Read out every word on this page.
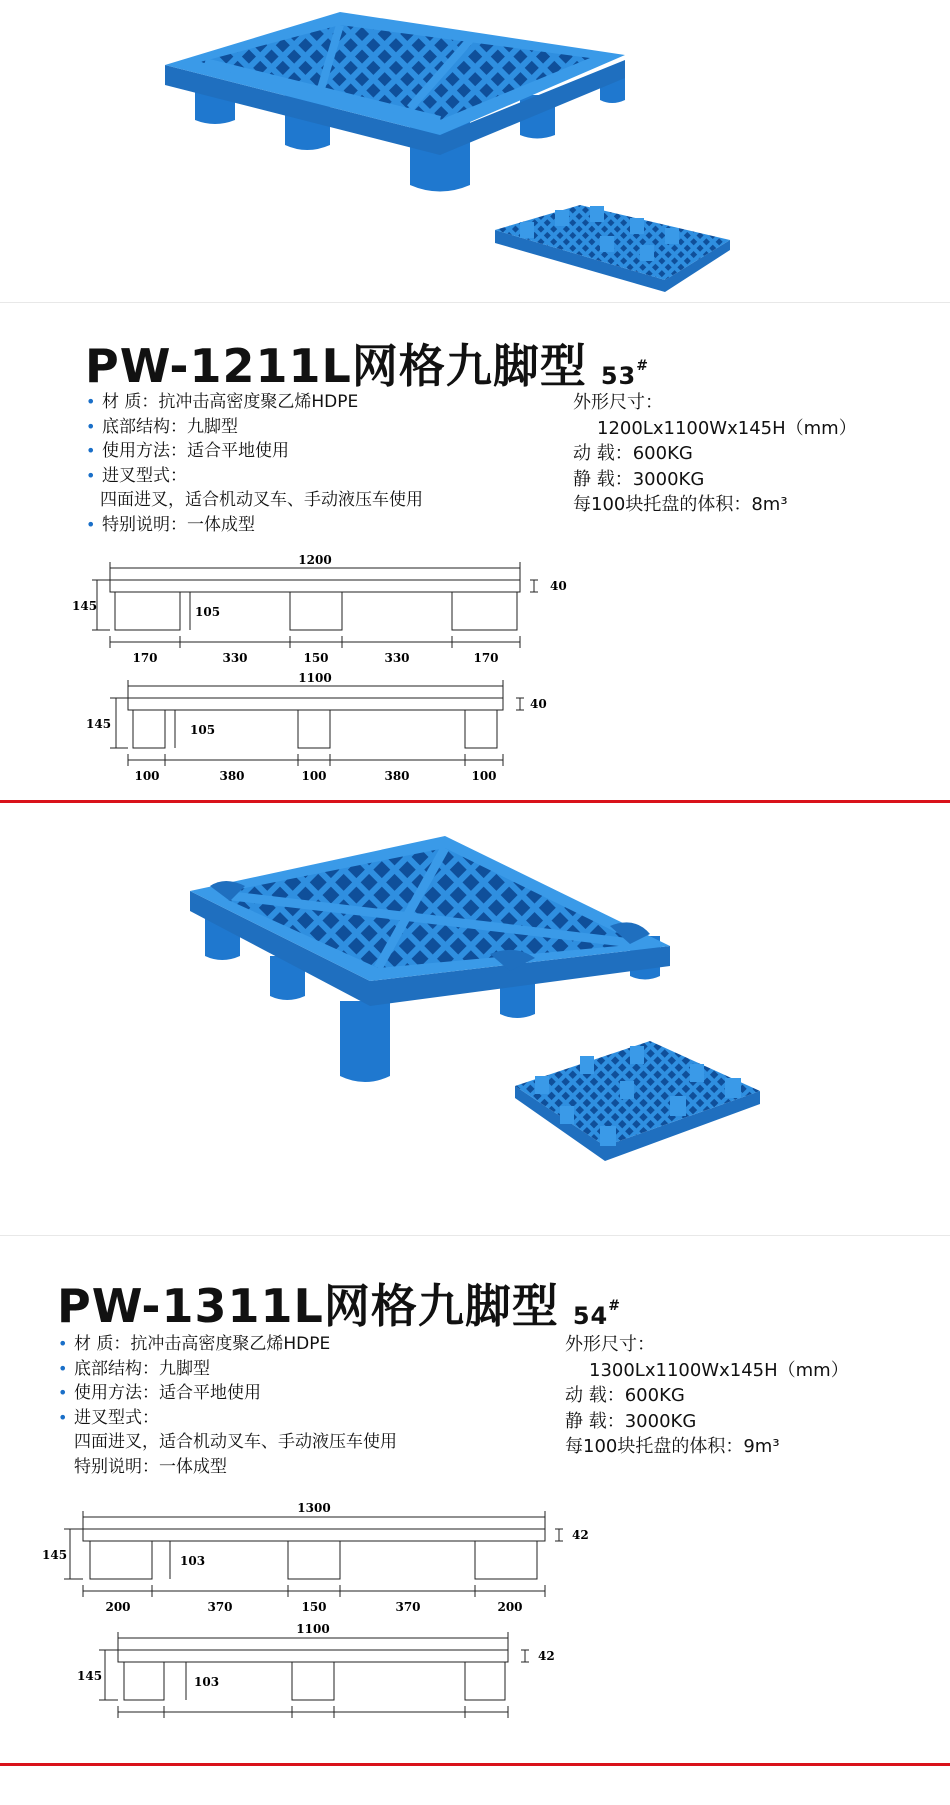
PW-1211L网格九脚型 53#
• 材 质：抗冲击高密度聚乙烯HDPE
• 底部结构：九脚型
• 使用方法：适合平地使用
• 进叉型式：
四面进叉，适合机动叉车、手动液压车使用
• 特别说明：一体成型
外形尺寸：
1200Lx1100Wx145H（mm）
动 载：600KG
静 载：3000KG
每100块托盘的体积：8m³
1200
145	105
40
170	330	150	330	170
1100
145	105
40
100	380	100	380	100
PW-1311L网格九脚型 54#
• 材 质：抗冲击高密度聚乙烯HDPE
• 底部结构：九脚型
• 使用方法：适合平地使用
• 进叉型式：
四面进叉，适合机动叉车、手动液压车使用
特别说明：一体成型
外形尺寸：
1300Lx1100Wx145H（mm）
动 载：600KG
静 载：3000KG
每100块托盘的体积：9m³
1300
145	103
42
200	370	150	370	200
1100
145	103
42
